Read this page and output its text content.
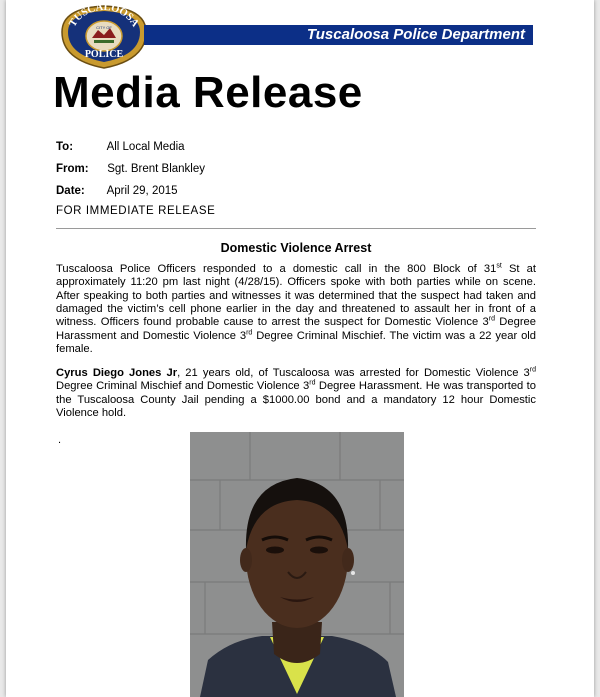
TUSCALOOSA
CITY OF
POLICE
Tuscaloosa Police Department
Media Release
To:	All Local Media
From: Sgt. Brent Blankley
Date: April 29, 2015
FOR IMMEDIATE RELEASE
Domestic Violence Arrest

Tuscaloosa Police Officers responded to a domestic call in the 800 Block of 31st St at approximately 11:20 pm last night (4/28/15). Officers spoke with both parties while on scene. After speaking to both parties and witnesses it was determined that the suspect had taken and damaged the victim’s cell phone earlier in the day and threatened to assault her in front of a witness. Officers found probable cause to arrest the suspect for Domestic Violence 3rd Degree Harassment and Domestic Violence 3rd Degree Criminal Mischief. The victim was a 22 year old female.

Cyrus Diego Jones Jr, 21 years old, of Tuscaloosa was arrested for Domestic Violence 3rd Degree Criminal Mischief and Domestic Violence 3rd Degree Harassment. He was transported to the Tuscaloosa County Jail pending a $1000.00 bond and a mandatory 12 hour Domestic Violence hold.

.
